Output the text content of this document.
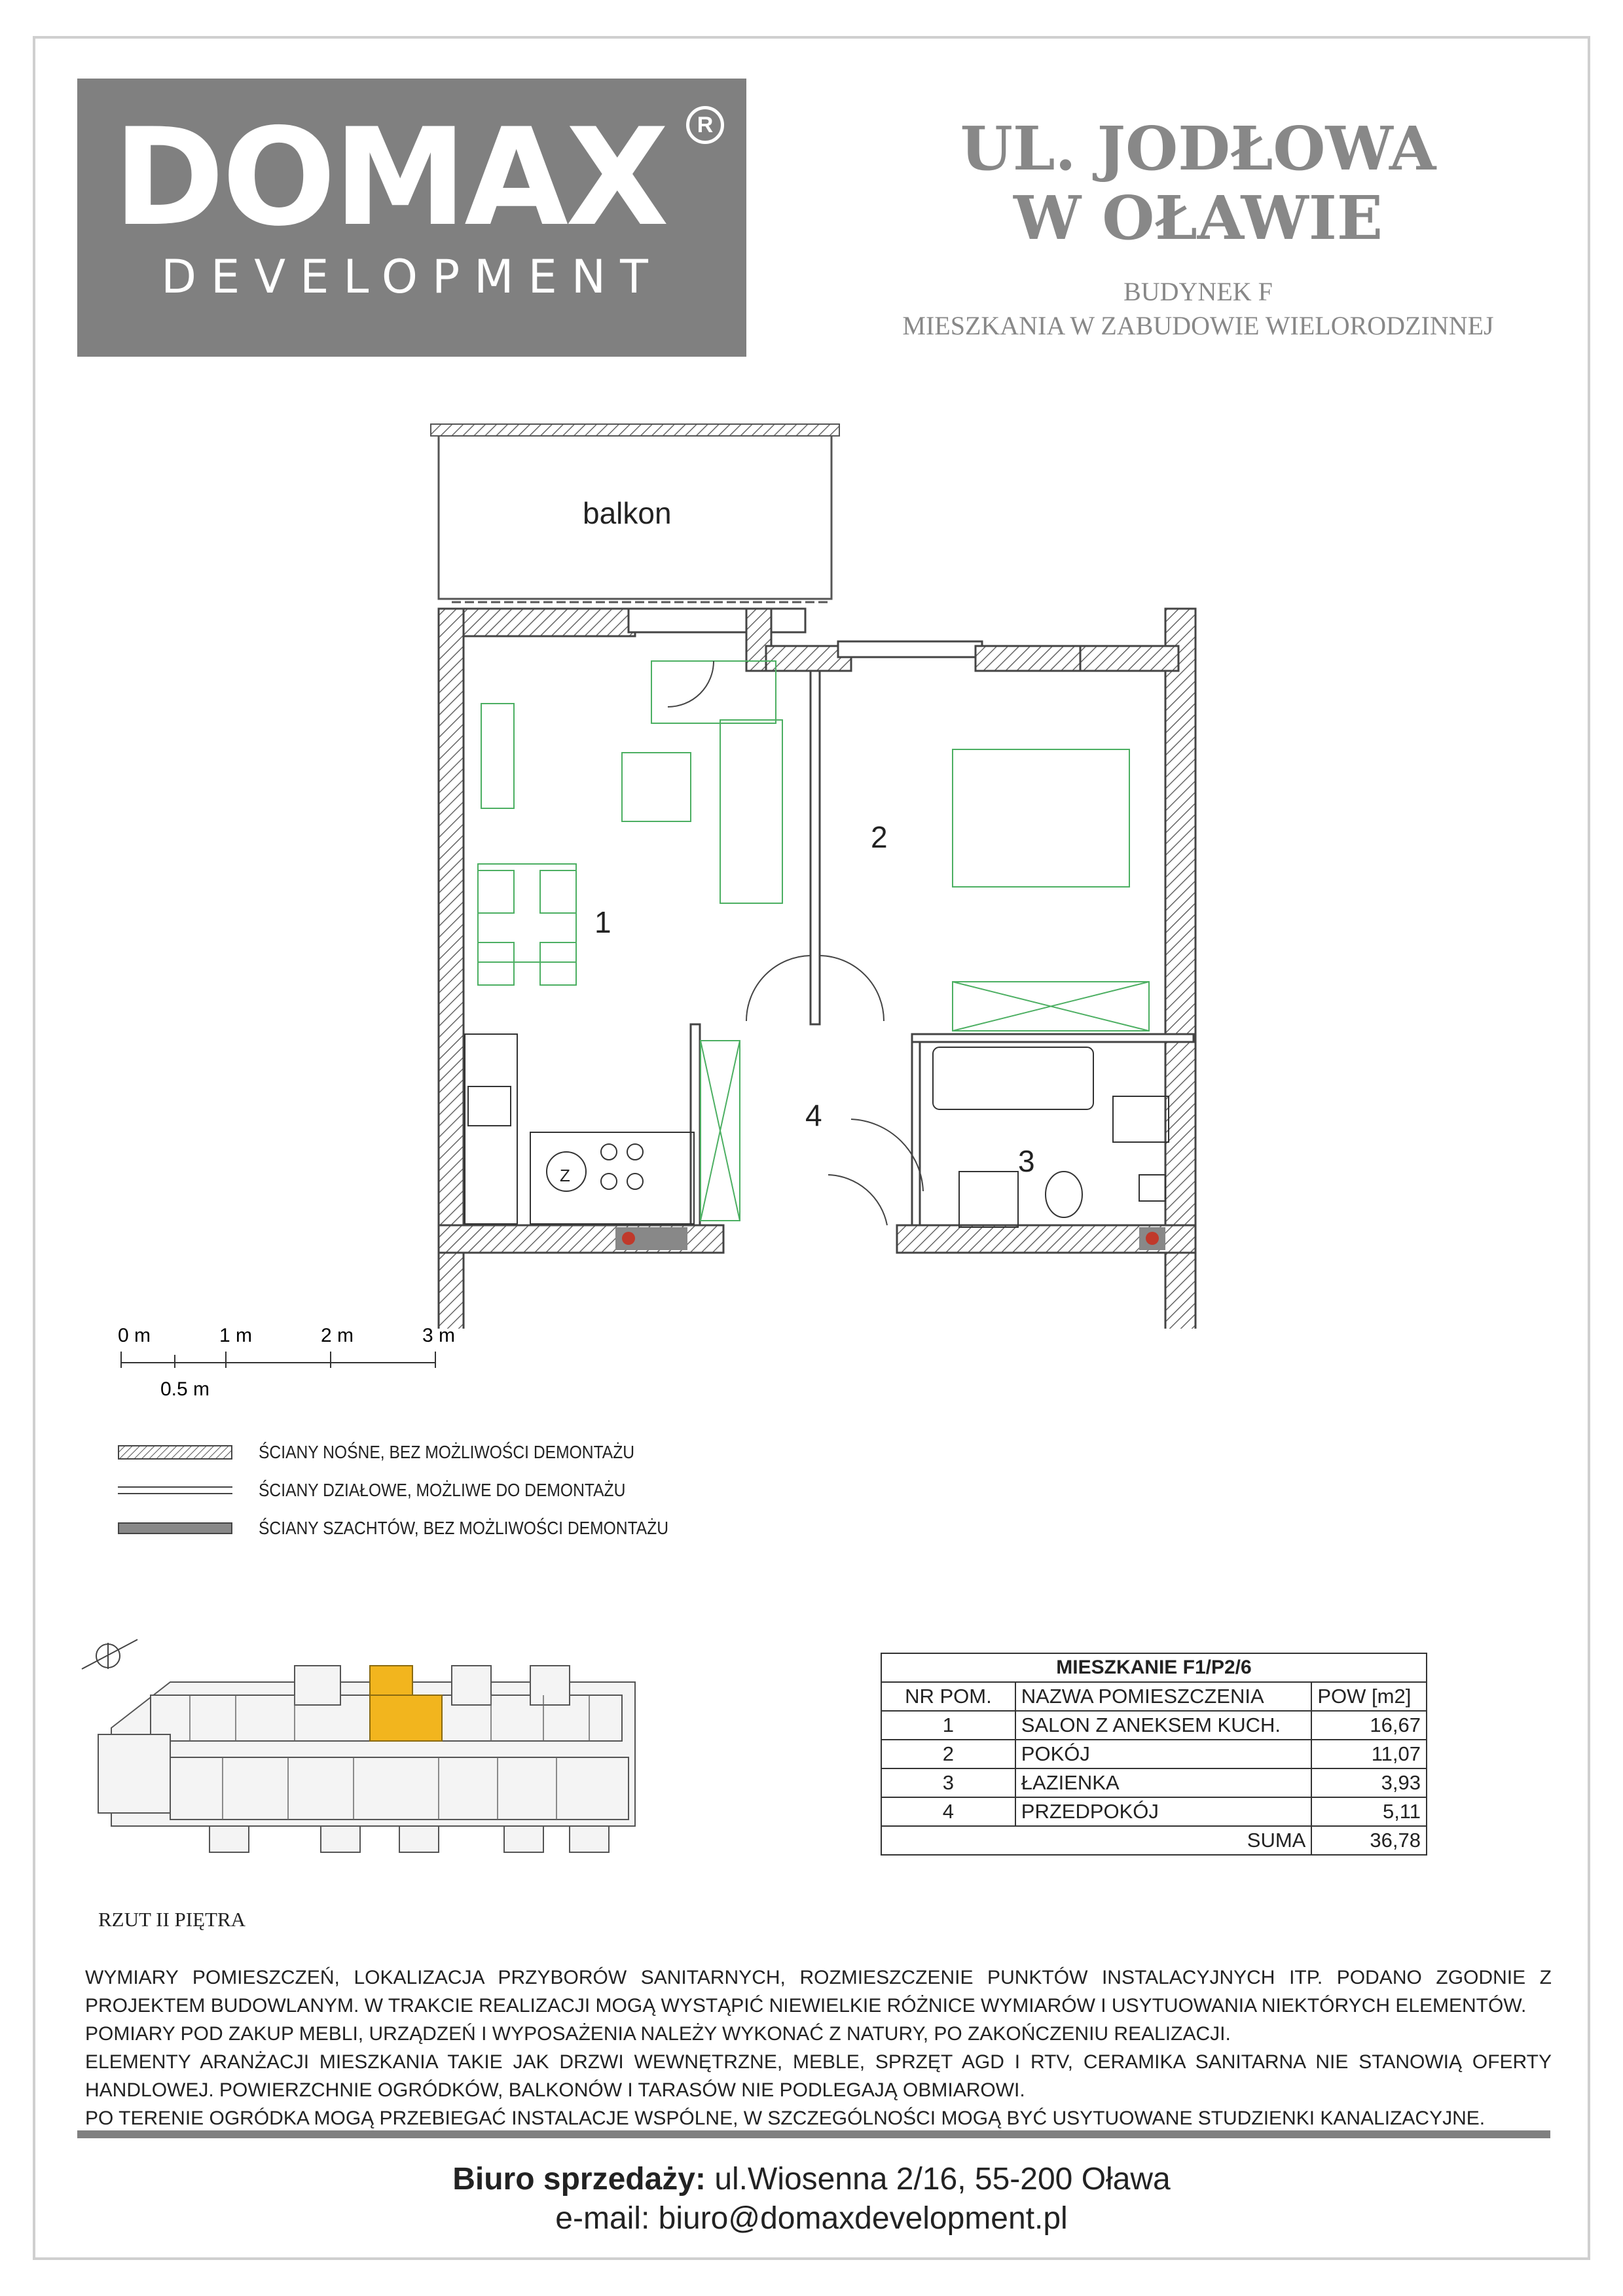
DOMAX
DEVELOPMENT
R	UL. JODŁOWA
W OŁAWIE
BUDYNEK F
MIESZKANIA W ZABUDOWIE WIELORODZINNEJ
balkon
Z
1
2
3
4
0 m	1 m	2 m	3 m
0.5 m
ŚCIANY NOŚNE, BEZ MOŻLIWOŚCI DEMONTAŻU
ŚCIANY DZIAŁOWE, MOŻLIWE DO DEMONTAŻU
ŚCIANY SZACHTÓW, BEZ MOŻLIWOŚCI DEMONTAŻU
RZUT II PIĘTRA
MIESZKANIE F1/P2/6		
NR POM.	NAZWA POMIESZCZENIA	POW [m2]
1	SALON Z ANEKSEM KUCH.	16,67
2	POKÓJ	11,07
3	ŁAZIENKA	3,93
4	PRZEDPOKÓJ	5,11
SUMA		36,78

WYMIARY POMIESZCZEŃ, LOKALIZACJA PRZYBORÓW SANITARNYCH, ROZMIESZCZENIE PUNKTÓW INSTALACYJNYCH ITP. PODANO ZGODNIE Z PROJEKTEM BUDOWLANYM. W TRAKCIE REALIZACJI MOGĄ WYSTĄPIĆ NIEWIELKIE RÓŻNICE WYMIARÓW I USYTUOWANIA NIEKTÓRYCH ELEMENTÓW.

POMIARY POD ZAKUP MEBLI, URZĄDZEŃ I WYPOSAŻENIA NALEŻY WYKONAĆ Z NATURY, PO ZAKOŃCZENIU REALIZACJI.

ELEMENTY ARANŻACJI MIESZKANIA TAKIE JAK DRZWI WEWNĘTRZNE, MEBLE, SPRZĘT AGD I RTV, CERAMIKA SANITARNA NIE STANOWIĄ OFERTY HANDLOWEJ. POWIERZCHNIE OGRÓDKÓW, BALKONÓW I TARASÓW NIE PODLEGAJĄ OBMIAROWI.

PO TERENIE OGRÓDKA MOGĄ PRZEBIEGAĆ INSTALACJE WSPÓLNE, W SZCZEGÓLNOŚCI MOGĄ BYĆ USYTUOWANE STUDZIENKI KANALIZACYJNE.

Biuro sprzedaży: ul.Wiosenna 2/16, 55-200 Oława
e-mail: biuro@domaxdevelopment.pl
